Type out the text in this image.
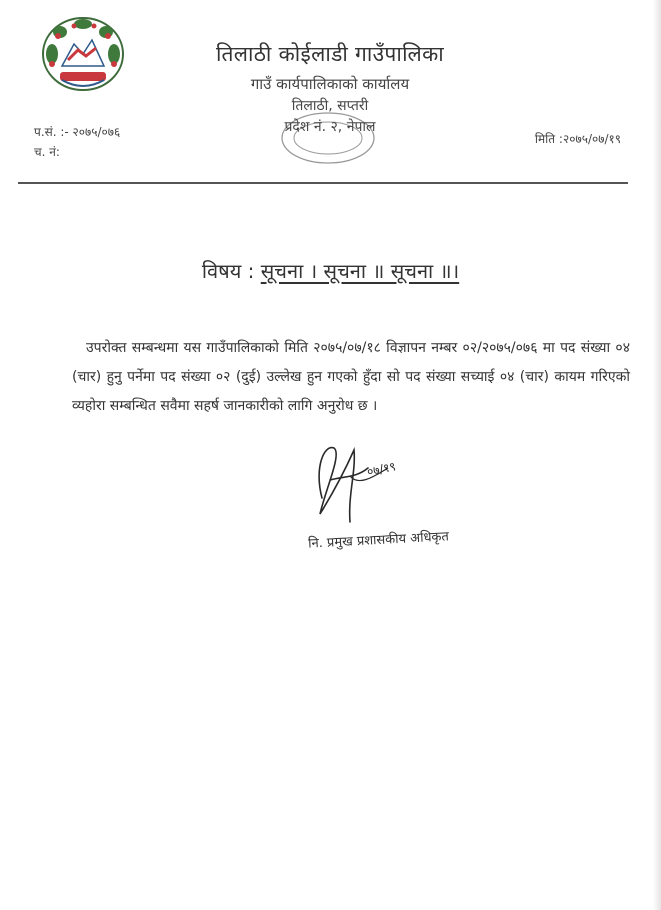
तिलाठी कोईलाडी गाउँपालिका

गाउँ कार्यपालिकाको कार्यालय
तिलाठी, सप्तरी
प्रदेश नं. २, नेपाल
प.सं. :- २०७५/०७६
च. नं:
मिति :२०७५/०७/१९
विषय : सूचना । सूचना ॥ सूचना ॥।

उपरोक्त सम्बन्धमा यस गाउँपालिकाको मिति २०७५/०७/१८ विज्ञापन नम्बर ०२/२०७५/०७६ मा पद संख्या ०४ (चार) हुनु पर्नेमा पद संख्या ०२ (दुई) उल्लेख हुन गएको हुँदा सो पद संख्या सच्याई ०४ (चार) कायम गरिएको व्यहोरा सम्बन्धित सवैमा सहर्ष जानकारीको लागि अनुरोध छ ।

०७/१९
नि. प्रमुख प्रशासकीय अधिकृत
